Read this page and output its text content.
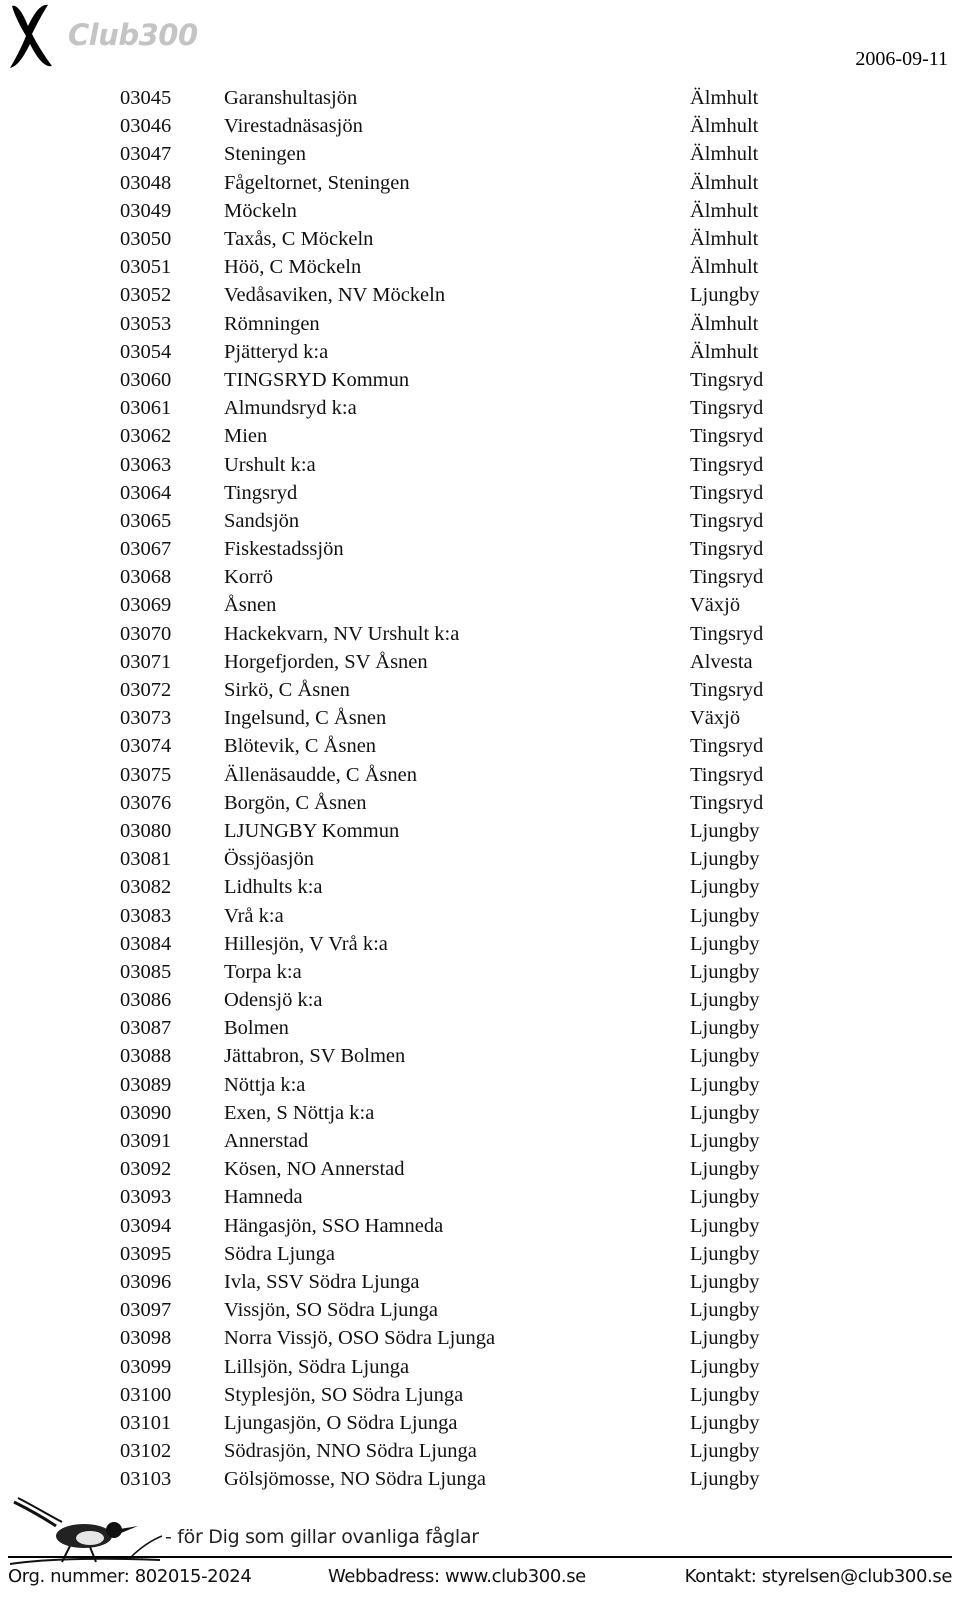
Club300
2006-09-11
03045	Garanshultasjön	Älmhult
03046	Virestadnäsasjön	Älmhult
03047	Steningen	Älmhult
03048	Fågeltornet, Steningen	Älmhult
03049	Möckeln	Älmhult
03050	Taxås, C Möckeln	Älmhult
03051	Höö, C Möckeln	Älmhult
03052	Vedåsaviken, NV Möckeln	Ljungby
03053	Römningen	Älmhult
03054	Pjätteryd k:a	Älmhult
03060	TINGSRYD Kommun	Tingsryd
03061	Almundsryd k:a	Tingsryd
03062	Mien	Tingsryd
03063	Urshult k:a	Tingsryd
03064	Tingsryd	Tingsryd
03065	Sandsjön	Tingsryd
03067	Fiskestadssjön	Tingsryd
03068	Korrö	Tingsryd
03069	Åsnen	Växjö
03070	Hackekvarn, NV Urshult k:a	Tingsryd
03071	Horgefjorden, SV Åsnen	Alvesta
03072	Sirkö, C Åsnen	Tingsryd
03073	Ingelsund, C Åsnen	Växjö
03074	Blötevik, C Åsnen	Tingsryd
03075	Ällenäsaudde, C Åsnen	Tingsryd
03076	Borgön, C Åsnen	Tingsryd
03080	LJUNGBY Kommun	Ljungby
03081	Össjöasjön	Ljungby
03082	Lidhults k:a	Ljungby
03083	Vrå k:a	Ljungby
03084	Hillesjön, V Vrå k:a	Ljungby
03085	Torpa k:a	Ljungby
03086	Odensjö k:a	Ljungby
03087	Bolmen	Ljungby
03088	Jättabron, SV Bolmen	Ljungby
03089	Nöttja k:a	Ljungby
03090	Exen, S Nöttja k:a	Ljungby
03091	Annerstad	Ljungby
03092	Kösen, NO Annerstad	Ljungby
03093	Hamneda	Ljungby
03094	Hängasjön, SSO Hamneda	Ljungby
03095	Södra Ljunga	Ljungby
03096	Ivla, SSV Södra Ljunga	Ljungby
03097	Vissjön, SO Södra Ljunga	Ljungby
03098	Norra Vissjö, OSO Södra Ljunga	Ljungby
03099	Lillsjön, Södra Ljunga	Ljungby
03100	Styplesjön, SO Södra Ljunga	Ljungby
03101	Ljungasjön, O Södra Ljunga	Ljungby
03102	Södrasjön, NNO Södra Ljunga	Ljungby
03103	Gölsjömosse, NO Södra Ljunga	Ljungby
- för Dig som gillar ovanliga fåglar
Org. nummer: 802015-2024	Webbadress: www.club300.se	Kontakt: styrelsen@club300.se
